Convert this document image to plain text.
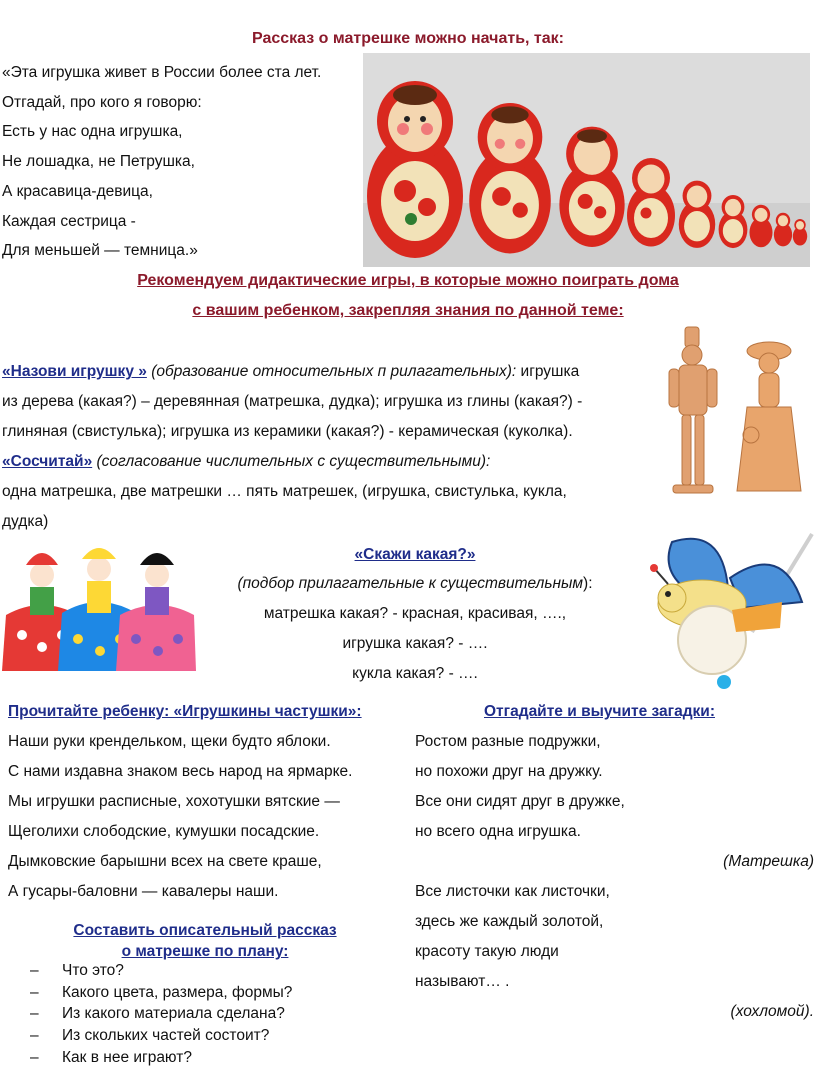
Рассказ о матрешке можно начать, так:
«Эта игрушка живет в России более ста лет.
Отгадай, про кого я говорю:
Есть у нас одна игрушка,
Не лошадка, не Петрушка,
А красавица-девица,
Каждая сестрица -
Для меньшей — темница.»
Рекомендуем дидактические игры, в которые можно поиграть дома
с вашим ребенком, закрепляя знания по данной теме:
«Назови игрушку » (образование относительных п рилагательных): игрушка
из дерева (какая?) – деревянная (матрешка, дудка); игрушка из глины (какая?) -
глиняная (свистулька); игрушка из керамики (какая?) - керамическая (куколка).
«Сосчитай» (согласование числительных с существительными):
одна матрешка, две матрешки … пять матрешек, (игрушка, свистулька, кукла,
дудка)
«Скажи какая?»
(подбор прилагательные к существительным):
матрешка какая? - красная, красивая, ….,
игрушка какая? - ….
кукла какая? - ….
Прочитайте ребенку: «Игрушкины частушки»:
Наши руки крендельком, щеки будто яблоки.
С нами издавна знаком весь народ на ярмарке.
Мы игрушки расписные, хохотушки вятские —
Щеголихи слободские, кумушки посадские.
Дымковские барышни всех на свете краше,
А гусары-баловни — кавалеры наши.
Составить описательный рассказ
о матрешке по плану:
– Что это?
– Какого цвета, размера, формы?
– Из какого материала сделана?
– Из скольких частей состоит?
– Как в нее играют?
Отгадайте и выучите загадки:
Ростом разные подружки,
но похожи друг на дружку.
Все они сидят друг в дружке,
но всего одна игрушка.
(Матрешка)
Все листочки как листочки,
здесь же каждый золотой,
красоту такую люди
называют… .
(хохломой).
